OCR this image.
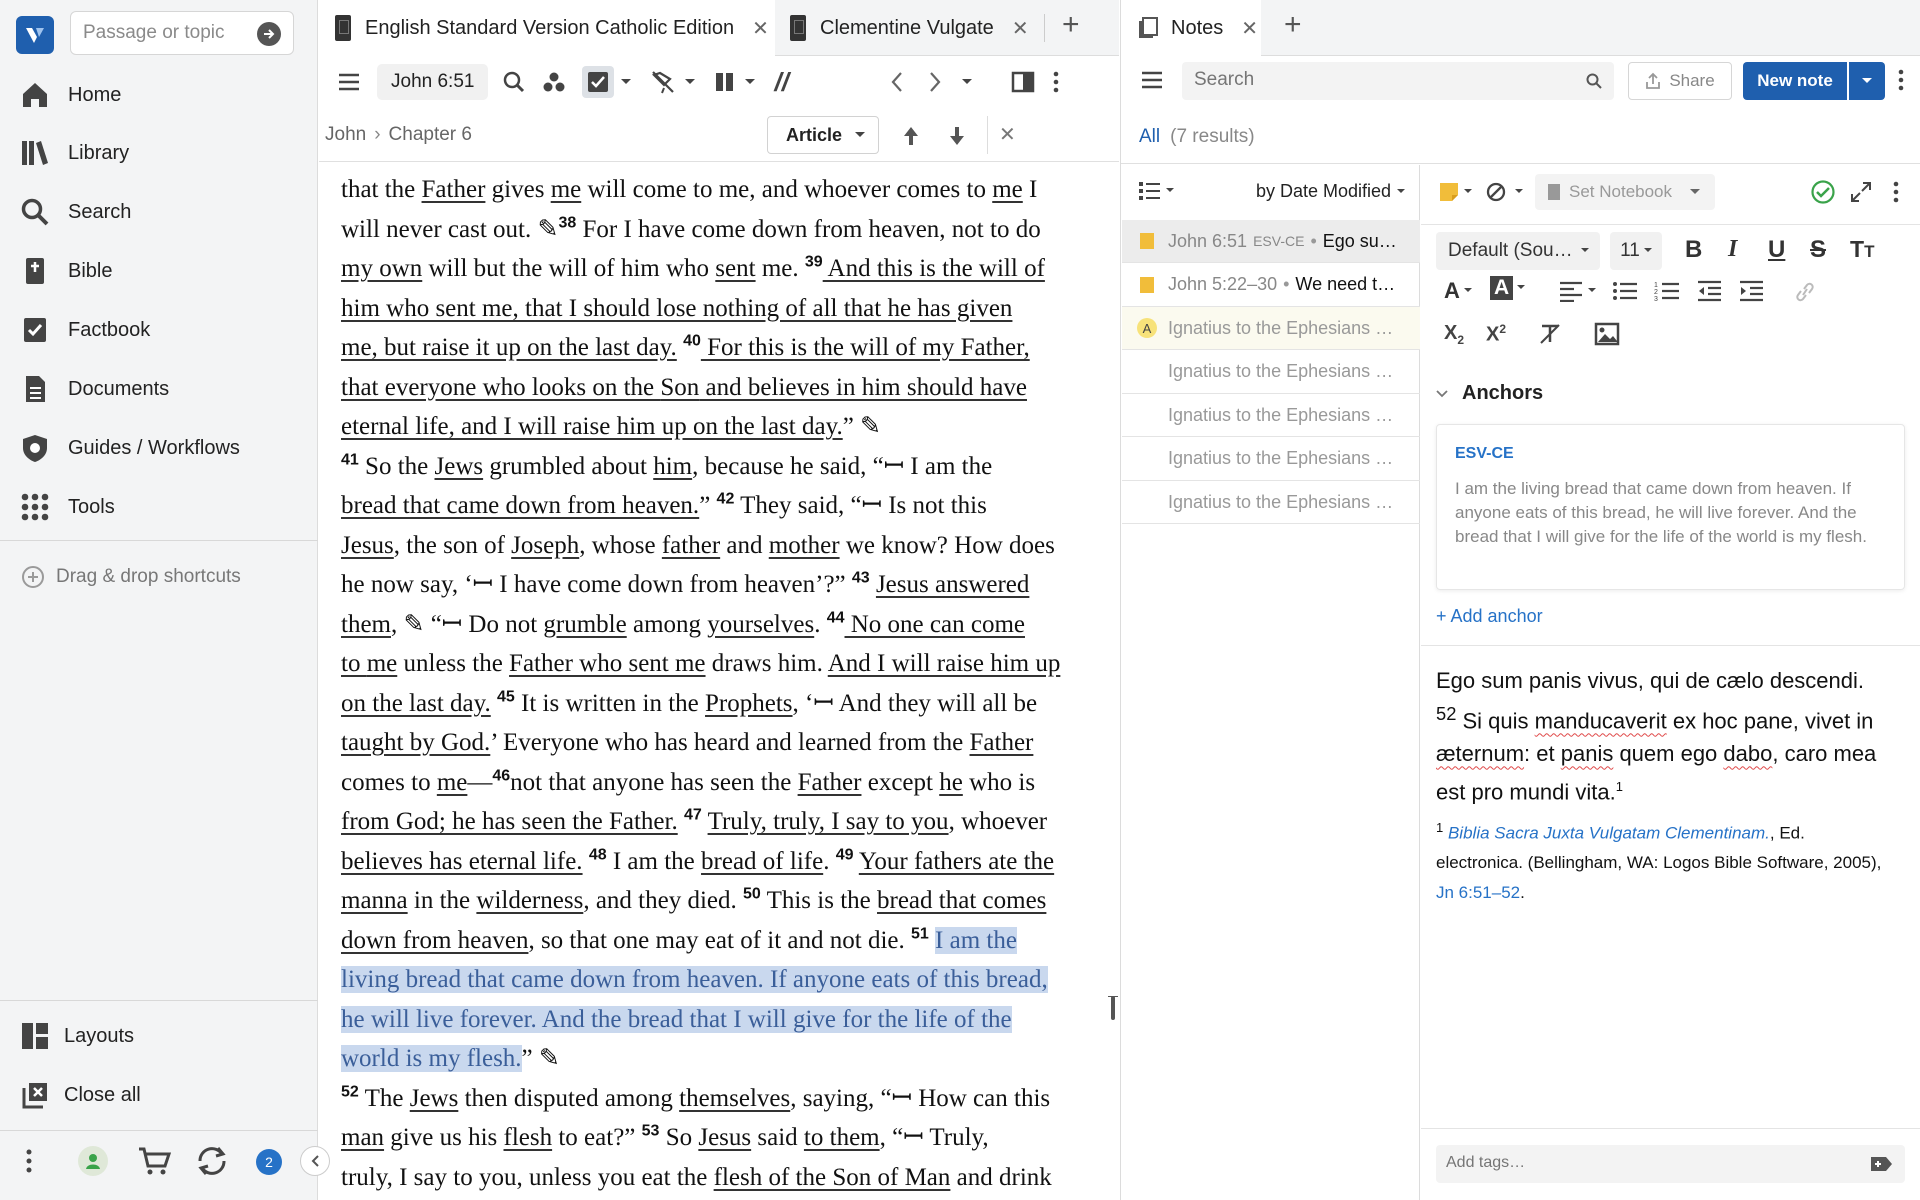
Passage or topic
Home
Library
Search
Bible
Factbook
Documents
Guides / Workflows
Tools
Drag & drop shortcuts
Layouts
Close all
2
English Standard Version Catholic Edition ✕	Clementine Vulgate ✕ +
John 6:51	//
John › Chapter 6	Article	✕
that the Father gives me will come to me, and whoever comes to me I
will never cast out. ✎$^{38}$ For I have come down from heaven, not to do
my own will but the will of him who sent me. $^{39}$ And this is the will of
him who sent me, that I should lose nothing of all that he has given
me, but raise it up on the last day. $^{40}$ For this is the will of my Father,
that everyone who looks on the Son and believes in him should have
eternal life, and I will raise him up on the last day.” ✎
$^{41}$ So the Jews grumbled about him, because he said, “ꟷ I am the
bread that came down from heaven.” $^{42}$ They said, “ꟷ Is not this
Jesus, the son of Joseph, whose father and mother we know? How does
he now say, ‘ꟷ I have come down from heaven’?” $^{43}$ Jesus answered
them, ✎ “ꟷ Do not grumble among yourselves. $^{44}$ No one can come
to me unless the Father who sent me draws him. And I will raise him up
on the last day. $^{45}$ It is written in the Prophets, ‘ꟷ And they will all be
taught by God.’ Everyone who has heard and learned from the Father
comes to me—$^{46}$not that anyone has seen the Father except he who is
from God; he has seen the Father. $^{47}$ Truly, truly, I say to you, whoever
believes has eternal life. $^{48}$ I am the bread of life. $^{49}$ Your fathers ate the
manna in the wilderness, and they died. $^{50}$ This is the bread that comes
down from heaven, so that one may eat of it and not die. $^{51}$ I am the
living bread that came down from heaven. If anyone eats of this bread,
he will live forever. And the bread that I will give for the life of the
world is my flesh.” ✎
$^{52}$ The Jews then disputed among themselves, saying, “ꟷ How can this
man give us his flesh to eat?” $^{53}$ So Jesus said to them, “ꟷ Truly,
truly, I say to you, unless you eat the flesh of the Son of Man and drink
Notes ✕ +
Search
Share	New note
All (7 results)
by Date Modified
John 6:51 ESV-CE • Ego su…
John 5:22–30 • We need t…
A Ignatius to the Ephesians …
Ignatius to the Ephesians …
Ignatius to the Ephesians …
Ignatius to the Ephesians …
Ignatius to the Ephesians …
Set Notebook
Default (Sou…	11 B I U S TT
A A	1
2
3
$X_2$ $X^2$
Anchors
ESV-CE
I am the living bread that came down from heaven. If anyone eats of this bread, he will live forever. And the bread that I will give for the life of the world is my flesh.
+ Add anchor
Ego sum panis vivus, qui de cælo descendi.
$^{52}$ Si quis manducaverit ex hoc pane, vivet in
æternum: et panis quem ego dabo, caro mea
est pro mundi vita.$^1$
$^1$ Biblia Sacra Juxta Vulgatam Clementinam., Ed. electronica. (Bellingham, WA: Logos Bible Software, 2005), Jn 6:51–52.
Add tags…
